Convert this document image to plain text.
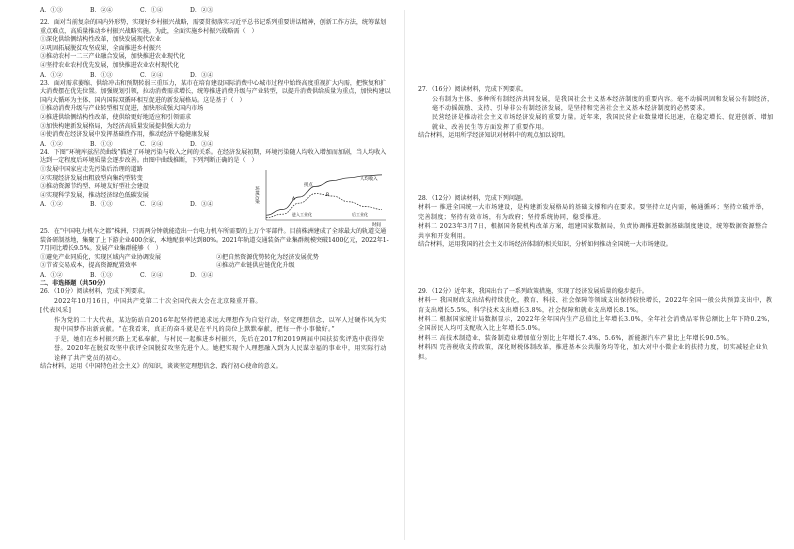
A．①③	B．②④	C．①④	D．②③

22．面对当前复杂的国内外形势，实现好乡村振兴战略，需要贯彻落实习近平总书记系列重要讲话精神，创新工作方法，统筹谋划重点难点，高质量推动乡村振兴战略实施。为此，全面实施乡村振兴战略需（　）

①深化供给侧结构性改革，加快发展现代农业

②巩固拓展脱贫攻坚成果，全面推进乡村振兴

③推动农村一二三产业融合发展，加快推进农业现代化

④坚持农业农村优先发展，加快推进农业农村现代化

A．①②	B．①③	C．②④	D．③④

23．面对需求萎缩、供给冲击和预期转弱三重压力，某市在培育建设国际消费中心城市过程中始终高度重视扩大内需，把恢复和扩大消费摆在优先位置。加强规划引领，拉动消费需求增长，统筹推进消费升级与产业转型，以提升消费供给质量为重点，加快构建以国内大循环为主体、国内国际双循环相互促进的新发展格局。这是基于（　）

①推动消费升级与产业转型相互促进，加快形成强大国内市场

②推进供给侧结构性改革，使供给更好地适应和引领需求

③加快构建新发展格局，为经济高质量发展提供强大动力

④使消费在经济发展中发挥基础性作用，推动经济平稳健康发展

A．①②	B．①③	C．②④	D．③④

24．下图“环境库兹涅茨曲线”描述了环境污染与收入之间的关系。在经济发展初期，环境污染随人均收入增加而加剧，当人均收入达到一定程度后环境质量会逐步改善。由图中曲线推断，下列判断正确的是（　）

①发展中国家应走先污染后治理的道路

②实现经济发展由粗放型向集约型转变

③推动资源节约型、环境友好型社会建设

④实现科学发展，推动经济绿色低碳发展

A．①②	B．①③	C．②④	D．③④
环境污染
时间
人均收入
拐点
A
B
进入工业化	后工业化

25．在“中国电力机车之都”株洲，只需两分钟就能造出一台电力机车所需要的上万个零部件。目前株洲建成了全球最大的轨道交通装备研制基地，集聚了上下游企业400余家，本地配套率达到80%。2021年轨道交通装备产业集群规模突破1400亿元，2022年1-7月同比增长9.5%。发展产业集群能够（　）

①避免产业同质化，实现区域内产业协调发展	②把自然资源优势转化为经济发展优势

③节省交易成本，提高资源配置效率	④推动产业链供应链优化升级

A．①②	B．①③	C．②④	D．③④

二、非选择题（共50分）

26．（10分）阅读材料，完成下列要求。

2022年10月16日，中国共产党第二十次全国代表大会在北京隆重开幕。

[代表风采]

作为党的二十大代表，某边防站自2016年起坚持把追求远大理想作为自觉行动，坚定理想信念，以军人过硬作风为实现中国梦作出新贡献。“在我看来，真正的奋斗就是在平凡的岗位上默默奉献，把每一件小事做好。”

于是，她们在乡村振兴路上无私奉献，与村民一起推进乡村振兴，先后在2017和2019两届中国扶贫奖评选中获得荣誉。2020年在脱贫攻坚中获评全国脱贫攻坚先进个人。她把实现个人理想融入到为人民谋幸福的事业中，用实际行动诠释了共产党员的初心。

结合材料，运用《中国特色社会主义》的知识，谈谈坚定理想信念、践行初心使命的意义。

27．（16分）阅读材料，完成下列要求。

公有制为主体、多种所有制经济共同发展，是我国社会主义基本经济制度的重要内容。毫不动摇巩固和发展公有制经济，毫不动摇鼓励、支持、引导非公有制经济发展，是坚持和完善社会主义基本经济制度的必然要求。

民营经济是推动社会主义市场经济发展的重要力量。近年来，我国民营企业数量增长迅速，在稳定增长、促进创新、增加就业、改善民生等方面发挥了重要作用。

结合材料，运用所学经济知识对材料中的观点加以说明。

28．（12分）阅读材料，完成下列问题。

材料一 推进全国统一大市场建设，是构建新发展格局的基础支撑和内在要求。要坚持立足内需，畅通循环；坚持立破并举，完善制度；坚持有效市场，有为政府；坚持系统协同，稳妥推进。

材料二 2023年3月7日，根据国务院机构改革方案，组建国家数据局，负责协调推进数据基础制度建设，统筹数据资源整合共享和开发利用。

结合材料，运用我国的社会主义市场经济体制的相关知识，分析如何推动全国统一大市场建设。

29．（12分）近年来，我国出台了一系列政策措施，实现了经济发展质量的稳步提升。

材料一 我国财政支出结构持续优化，教育、科技、社会保障等领域支出保持较快增长，2022年全国一般公共预算支出中，教育支出增长5.5%，科学技术支出增长3.8%，社会保障和就业支出增长8.1%。

材料二 根据国家统计局数据显示，2022年全年国内生产总值比上年增长3.0%，全年社会消费品零售总额比上年下降0.2%，全国居民人均可支配收入比上年增长5.0%。

材料三 高技术制造业、装备制造业增加值分别比上年增长7.4%、5.6%，新能源汽车产量比上年增长90.5%。

材料四 完善税收支持政策，深化财税体制改革，推进基本公共服务均等化，加大对中小微企业的扶持力度，切实减轻企业负担。
